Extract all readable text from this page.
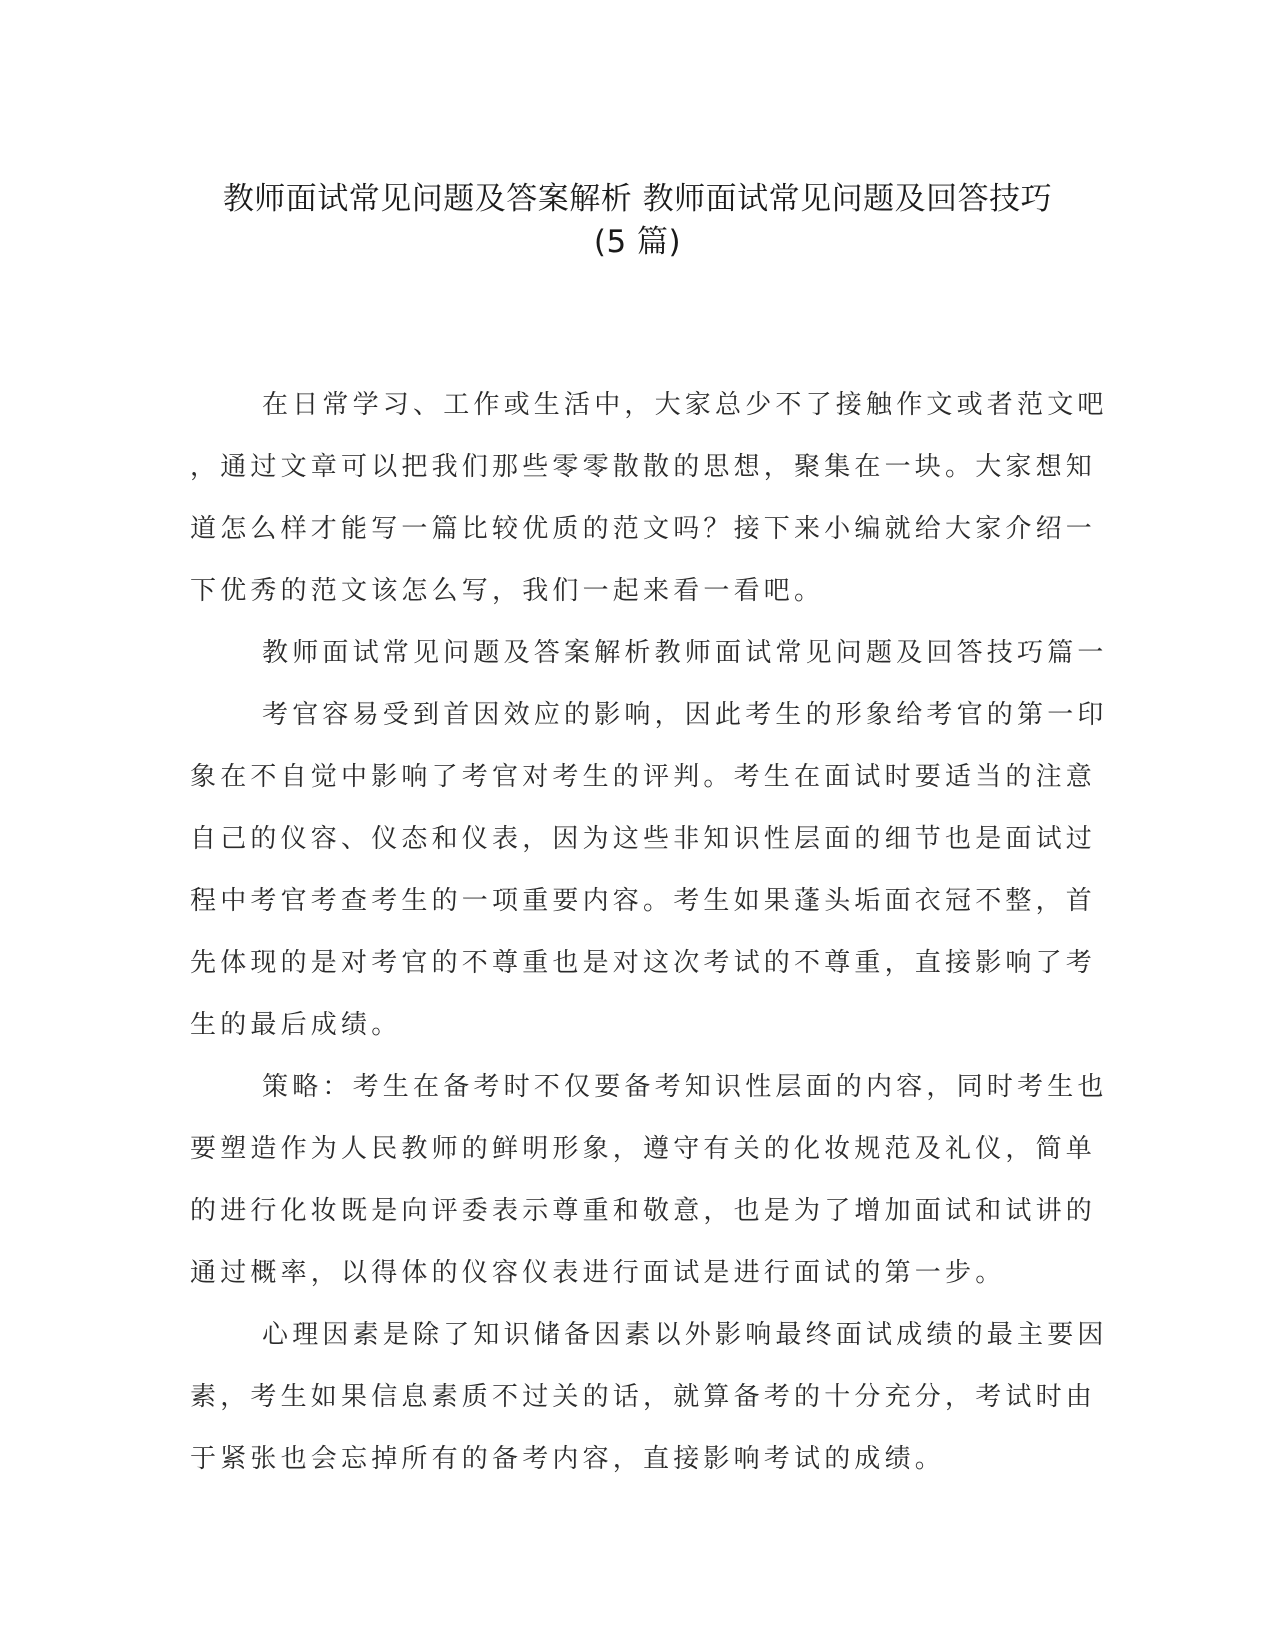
教师面试常见问题及答案解析 教师面试常见问题及回答技巧
(5 篇)
在日常学习、工作或生活中，大家总少不了接触作文或者范文吧
，通过文章可以把我们那些零零散散的思想，聚集在一块。大家想知
道怎么样才能写一篇比较优质的范文吗？接下来小编就给大家介绍一
下优秀的范文该怎么写，我们一起来看一看吧。
教师面试常见问题及答案解析教师面试常见问题及回答技巧篇一
考官容易受到首因效应的影响，因此考生的形象给考官的第一印
象在不自觉中影响了考官对考生的评判。考生在面试时要适当的注意
自己的仪容、仪态和仪表，因为这些非知识性层面的细节也是面试过
程中考官考查考生的一项重要内容。考生如果蓬头垢面衣冠不整，首
先体现的是对考官的不尊重也是对这次考试的不尊重，直接影响了考
生的最后成绩。
策略：考生在备考时不仅要备考知识性层面的内容，同时考生也
要塑造作为人民教师的鲜明形象，遵守有关的化妆规范及礼仪，简单
的进行化妆既是向评委表示尊重和敬意，也是为了增加面试和试讲的
通过概率，以得体的仪容仪表进行面试是进行面试的第一步。
心理因素是除了知识储备因素以外影响最终面试成绩的最主要因
素，考生如果信息素质不过关的话，就算备考的十分充分，考试时由
于紧张也会忘掉所有的备考内容，直接影响考试的成绩。
